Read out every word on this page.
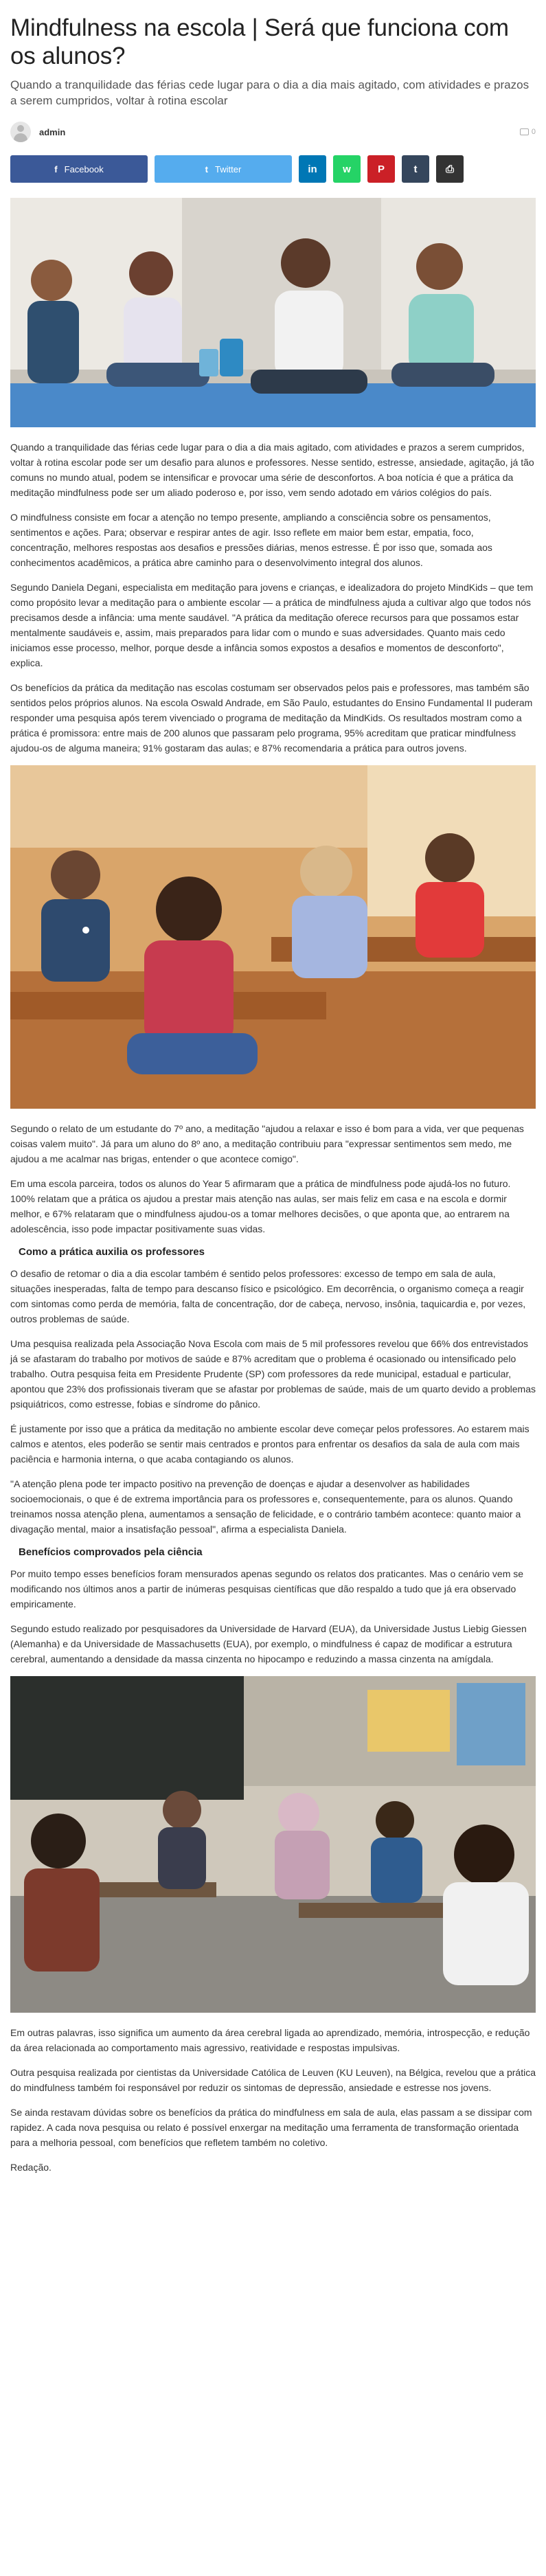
Mindfulness na escola | Será que funciona com os alunos?
Quando a tranquilidade das férias cede lugar para o dia a dia mais agitado, com atividades e prazos a serem cumpridos, voltar à rotina escolar
admin	0
f Facebook	t Twitter	in w	P	t	⎙

Quando a tranquilidade das férias cede lugar para o dia a dia mais agitado, com atividades e prazos a serem cumpridos, voltar à rotina escolar pode ser um desafio para alunos e professores. Nesse sentido, estresse, ansiedade, agitação, já tão comuns no mundo atual, podem se intensificar e provocar uma série de desconfortos. A boa notícia é que a prática da meditação mindfulness pode ser um aliado poderoso e, por isso, vem sendo adotado em vários colégios do país.

O mindfulness consiste em focar a atenção no tempo presente, ampliando a consciência sobre os pensamentos, sentimentos e ações. Para; observar e respirar antes de agir. Isso reflete em maior bem estar, empatia, foco, concentração, melhores respostas aos desafios e pressões diárias, menos estresse. É por isso que, somada aos conhecimentos acadêmicos, a prática abre caminho para o desenvolvimento integral dos alunos.

Segundo Daniela Degani, especialista em meditação para jovens e crianças, e idealizadora do projeto MindKids – que tem como propósito levar a meditação para o ambiente escolar — a prática de mindfulness ajuda a cultivar algo que todos nós precisamos desde a infância: uma mente saudável. "A prática da meditação oferece recursos para que possamos estar mentalmente saudáveis e, assim, mais preparados para lidar com o mundo e suas adversidades. Quanto mais cedo iniciamos esse processo, melhor, porque desde a infância somos expostos a desafios e momentos de desconforto", explica.

Os benefícios da prática da meditação nas escolas costumam ser observados pelos pais e professores, mas também são sentidos pelos próprios alunos. Na escola Oswald Andrade, em São Paulo, estudantes do Ensino Fundamental II puderam responder uma pesquisa após terem vivenciado o programa de meditação da MindKids. Os resultados mostram como a prática é promissora: entre mais de 200 alunos que passaram pelo programa, 95% acreditam que praticar mindfulness ajudou-os de alguma maneira; 91% gostaram das aulas; e 87% recomendaria a prática para outros jovens.

Segundo o relato de um estudante do 7º ano, a meditação "ajudou a relaxar e isso é bom para a vida, ver que pequenas coisas valem muito". Já para um aluno do 8º ano, a meditação contribuiu para "expressar sentimentos sem medo, me ajudou a me acalmar nas brigas, entender o que acontece comigo".

Em uma escola parceira, todos os alunos do Year 5 afirmaram que a prática de mindfulness pode ajudá-los no futuro. 100% relatam que a prática os ajudou a prestar mais atenção nas aulas, ser mais feliz em casa e na escola e dormir melhor, e 67% relataram que o mindfulness ajudou-os a tomar melhores decisões, o que aponta que, ao entrarem na adolescência, isso pode impactar positivamente suas vidas.

Como a prática auxilia os professores

O desafio de retomar o dia a dia escolar também é sentido pelos professores: excesso de tempo em sala de aula, situações inesperadas, falta de tempo para descanso físico e psicológico. Em decorrência, o organismo começa a reagir com sintomas como perda de memória, falta de concentração, dor de cabeça, nervoso, insônia, taquicardia e, por vezes, outros problemas de saúde.

Uma pesquisa realizada pela Associação Nova Escola com mais de 5 mil professores revelou que 66% dos entrevistados já se afastaram do trabalho por motivos de saúde e 87% acreditam que o problema é ocasionado ou intensificado pelo trabalho. Outra pesquisa feita em Presidente Prudente (SP) com professores da rede municipal, estadual e particular, apontou que 23% dos profissionais tiveram que se afastar por problemas de saúde, mais de um quarto devido a problemas psiquiátricos, como estresse, fobias e síndrome do pânico.

É justamente por isso que a prática da meditação no ambiente escolar deve começar pelos professores. Ao estarem mais calmos e atentos, eles poderão se sentir mais centrados e prontos para enfrentar os desafios da sala de aula com mais paciência e harmonia interna, o que acaba contagiando os alunos.

"A atenção plena pode ter impacto positivo na prevenção de doenças e ajudar a desenvolver as habilidades socioemocionais, o que é de extrema importância para os professores e, consequentemente, para os alunos. Quando treinamos nossa atenção plena, aumentamos a sensação de felicidade, e o contrário também acontece: quanto maior a divagação mental, maior a insatisfação pessoal", afirma a especialista Daniela.

Benefícios comprovados pela ciência

Por muito tempo esses benefícios foram mensurados apenas segundo os relatos dos praticantes. Mas o cenário vem se modificando nos últimos anos a partir de inúmeras pesquisas científicas que dão respaldo a tudo que já era observado empiricamente.

Segundo estudo realizado por pesquisadores da Universidade de Harvard (EUA), da Universidade Justus Liebig Giessen (Alemanha) e da Universidade de Massachusetts (EUA), por exemplo, o mindfulness é capaz de modificar a estrutura cerebral, aumentando a densidade da massa cinzenta no hipocampo e reduzindo a massa cinzenta na amígdala.

Em outras palavras, isso significa um aumento da área cerebral ligada ao aprendizado, memória, introspecção, e redução da área relacionada ao comportamento mais agressivo, reatividade e respostas impulsivas.

Outra pesquisa realizada por cientistas da Universidade Católica de Leuven (KU Leuven), na Bélgica, revelou que a prática do mindfulness também foi responsável por reduzir os sintomas de depressão, ansiedade e estresse nos jovens.

Se ainda restavam dúvidas sobre os benefícios da prática do mindfulness em sala de aula, elas passam a se dissipar com rapidez. A cada nova pesquisa ou relato é possível enxergar na meditação uma ferramenta de transformação orientada para a melhoria pessoal, com benefícios que refletem também no coletivo.

Redação.
